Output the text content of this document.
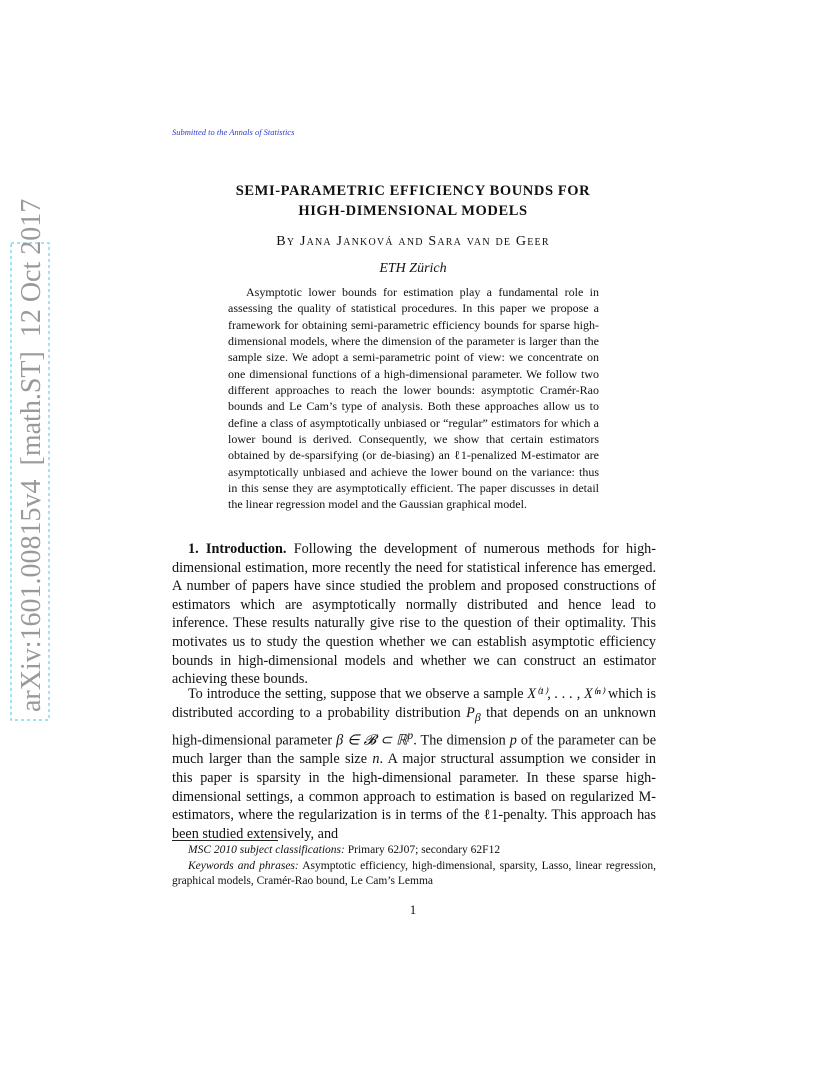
arXiv:1601.00815v4  [math.ST]  12 Oct 2017
Submitted to the Annals of Statistics
SEMI-PARAMETRIC EFFICIENCY BOUNDS FOR
HIGH-DIMENSIONAL MODELS
By Jana Janková and Sara van de Geer
ETH Zürich
Asymptotic lower bounds for estimation play a fundamental role in assessing the quality of statistical procedures. In this paper we propose a framework for obtaining semi-parametric efficiency bounds for sparse high-dimensional models, where the dimension of the parameter is larger than the sample size. We adopt a semi-parametric point of view: we concentrate on one dimensional functions of a high-dimensional parameter. We follow two different approaches to reach the lower bounds: asymptotic Cramér-Rao bounds and Le Cam’s type of analysis. Both these approaches allow us to define a class of asymptotically unbiased or “regular” estimators for which a lower bound is derived. Consequently, we show that certain estimators obtained by de-sparsifying (or de-biasing) an ℓ1-penalized M-estimator are asymptotically unbiased and achieve the lower bound on the variance: thus in this sense they are asymptotically efficient. The paper discusses in detail the linear regression model and the Gaussian graphical model.
1. Introduction. Following the development of numerous methods for high-dimensional estimation, more recently the need for statistical inference has emerged. A number of papers have since studied the problem and proposed constructions of estimators which are asymptotically normally distributed and hence lead to inference. These results naturally give rise to the question of their optimality. This motivates us to study the question whether we can establish asymptotic efficiency bounds in high-dimensional models and whether we can construct an estimator achieving these bounds.
To introduce the setting, suppose that we observe a sample X⁽¹⁾, . . . , X⁽ⁿ⁾ which is distributed according to a probability distribution $P_\beta$ that depends on an unknown high-dimensional parameter β ∈ 𝓑 ⊂ ℝ$^p$. The dimension p of the parameter can be much larger than the sample size n. A major structural assumption we consider in this paper is sparsity in the high-dimensional parameter. In these sparse high-dimensional settings, a common approach to estimation is based on regularized M-estimators, where the regularization is in terms of the ℓ1-penalty. This approach has been studied extensively, and
MSC 2010 subject classifications: Primary 62J07; secondary 62F12
Keywords and phrases: Asymptotic efficiency, high-dimensional, sparsity, Lasso, linear regression, graphical models, Cramér-Rao bound, Le Cam’s Lemma
1
